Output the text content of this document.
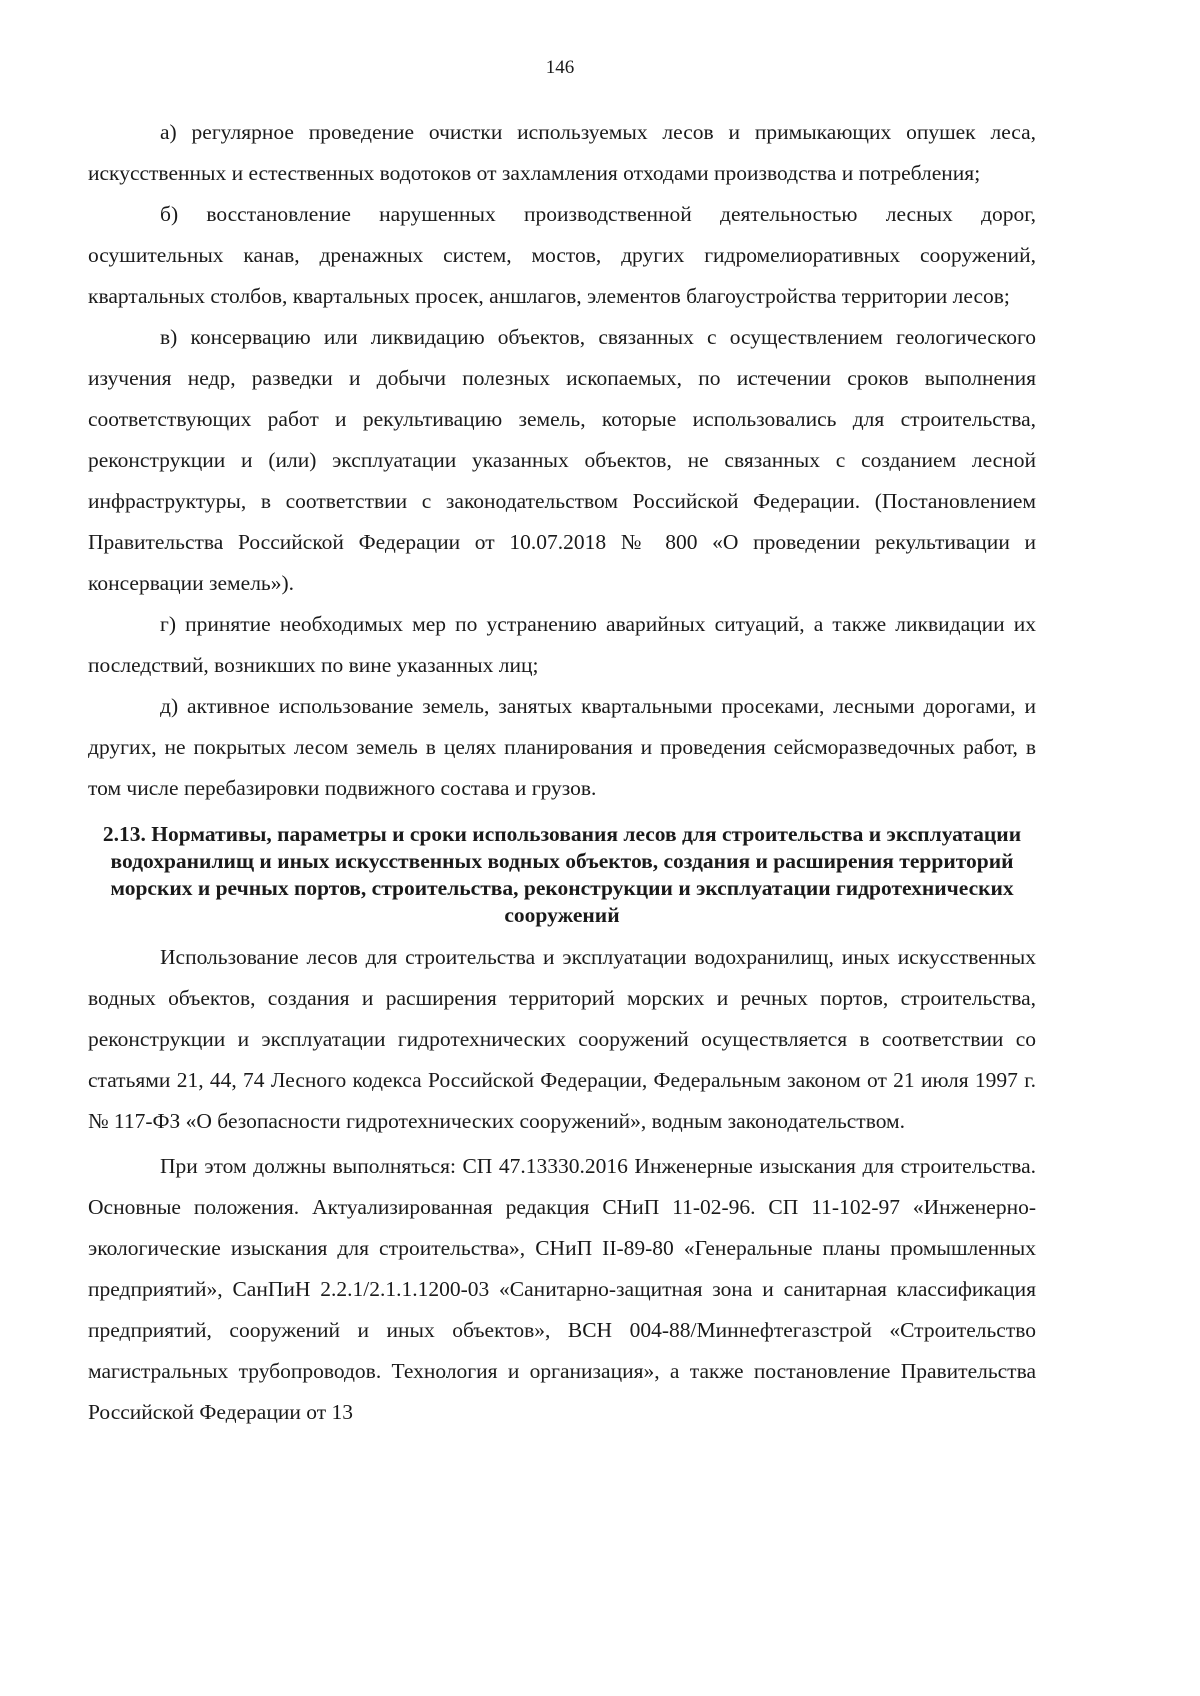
146

а) регулярное проведение очистки используемых лесов и примыкающих опушек леса, искусственных и естественных водотоков от захламления отходами производства и потребления;

б) восстановление нарушенных производственной деятельностью лесных дорог, осушительных канав, дренажных систем, мостов, других гидромелиоративных сооружений, квартальных столбов, квартальных просек, аншлагов, элементов благоустройства территории лесов;

в) консервацию или ликвидацию объектов, связанных с осуществлением геологического изучения недр, разведки и добычи полезных ископаемых, по истечении сроков выполнения соответствующих работ и рекультивацию земель, которые использовались для строительства, реконструкции и (или) эксплуатации указанных объектов, не связанных с созданием лесной инфраструктуры, в соответствии с законодательством Российской Федерации. (Постановлением Правительства Российской Федерации от 10.07.2018 № 800 «О проведении рекультивации и консервации земель»).

г) принятие необходимых мер по устранению аварийных ситуаций, а также ликвидации их последствий, возникших по вине указанных лиц;

д) активное использование земель, занятых квартальными просеками, лесными дорогами, и других, не покрытых лесом земель в целях планирования и проведения сейсморазведочных работ, в том числе перебазировки подвижного состава и грузов.

2.13. Нормативы, параметры и сроки использования лесов для строительства и эксплуатации водохранилищ и иных искусственных водных объектов, создания и расширения территорий морских и речных портов, строительства, реконструкции и эксплуатации гидротехнических сооружений

Использование лесов для строительства и эксплуатации водохранилищ, иных искусственных водных объектов, создания и расширения территорий морских и речных портов, строительства, реконструкции и эксплуатации гидротехнических сооружений осуществляется в соответствии со статьями 21, 44, 74 Лесного кодекса Российской Федерации, Федеральным законом от 21 июля 1997 г. № 117-ФЗ «О безопасности гидротехнических сооружений», водным законодательством.

При этом должны выполняться: СП 47.13330.2016 Инженерные изыскания для строительства. Основные положения. Актуализированная редакция СНиП 11-02-96. СП 11-102-97 «Инженерно-экологические изыскания для строительства», СНиП II-89-80 «Генеральные планы промышленных предприятий», СанПиН 2.2.1/2.1.1.1200-03 «Санитарно-защитная зона и санитарная классификация предприятий, сооружений и иных объектов», ВСН 004-88/Миннефтегазстрой «Строительство магистральных трубопроводов. Технология и организация», а также постановление Правительства Российской Федерации от 13
